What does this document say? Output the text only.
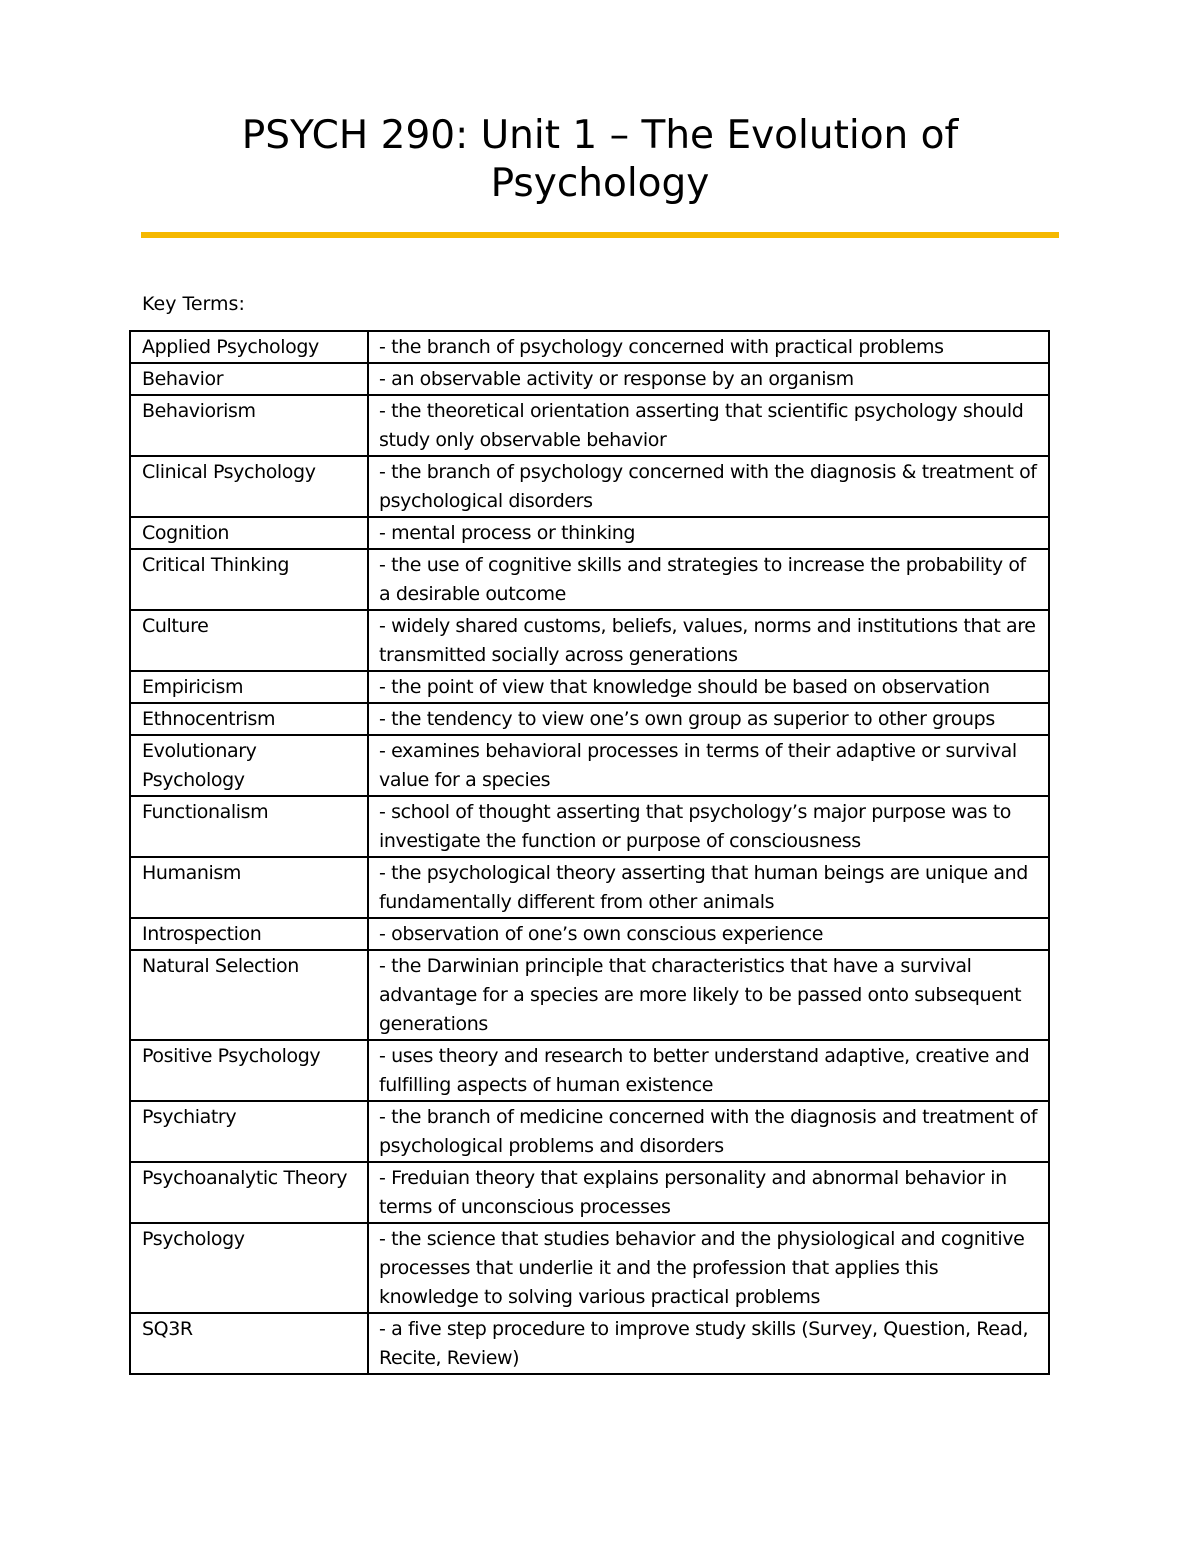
PSYCH 290: Unit 1 – The Evolution of
Psychology
Key Terms:
Applied Psychology	- the branch of psychology concerned with practical problems
Behavior	- an observable activity or response by an organism
Behaviorism	- the theoretical orientation asserting that scientific psychology should study only observable behavior
Clinical Psychology	- the branch of psychology concerned with the diagnosis & treatment of psychological disorders
Cognition	- mental process or thinking
Critical Thinking	- the use of cognitive skills and strategies to increase the probability of a desirable outcome
Culture	- widely shared customs, beliefs, values, norms and institutions that are transmitted socially across generations
Empiricism	- the point of view that knowledge should be based on observation
Ethnocentrism	- the tendency to view one’s own group as superior to other groups
Evolutionary Psychology	- examines behavioral processes in terms of their adaptive or survival value for a species
Functionalism	- school of thought asserting that psychology’s major purpose was to investigate the function or purpose of consciousness
Humanism	- the psychological theory asserting that human beings are unique and fundamentally different from other animals
Introspection	- observation of one’s own conscious experience
Natural Selection	- the Darwinian principle that characteristics that have a survival advantage for a species are more likely to be passed onto subsequent generations
Positive Psychology	- uses theory and research to better understand adaptive, creative and fulfilling aspects of human existence
Psychiatry	- the branch of medicine concerned with the diagnosis and treatment of psychological problems and disorders
Psychoanalytic Theory	- Freduian theory that explains personality and abnormal behavior in terms of unconscious processes
Psychology	- the science that studies behavior and the physiological and cognitive processes that underlie it and the profession that applies this knowledge to solving various practical problems
SQ3R	- a five step procedure to improve study skills (Survey, Question, Read, Recite, Review)
